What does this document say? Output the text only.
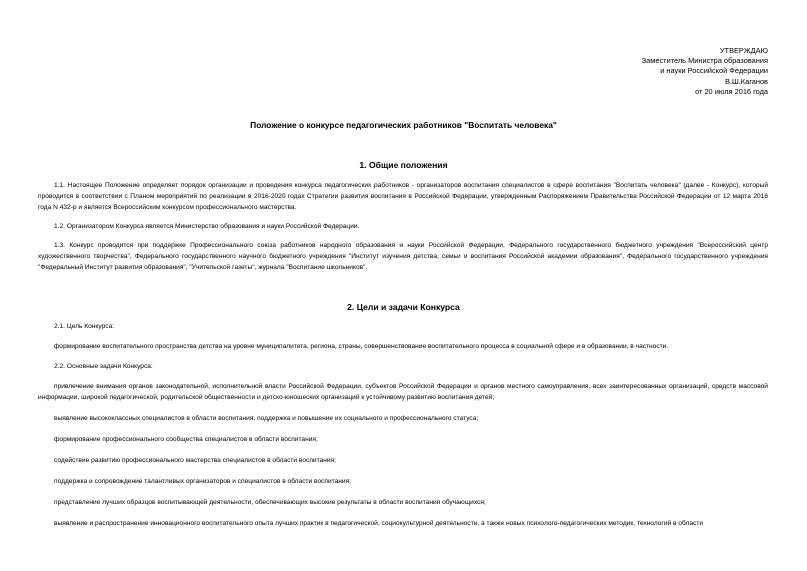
УТВЕРЖДАЮ
Заместитель Министра образования
и науки Российской Федерации
В.Ш.Каганов
от 20 июля 2016 года
Положение о конкурсе педагогических работников "Воспитать человека"
1. Общие положения
1.1. Настоящее Положение определяет порядок организации и проведения конкурса педагогических работников - организаторов воспитания специалистов в сфере воспитания "Воспитать человека" (далее - Конкурс), который проводится в соответствии с Планом мероприятий по реализации в 2016-2020 годах Стратегии развития воспитания в Российской Федерации, утвержденным Распоряжением Правительства Российской Федерации от 12 марта 2016 года N 432-р и является Всероссийским конкурсом профессионального мастерства.
1.2. Организатором Конкурса является Министерство образования и науки Российской Федерации.
1.3. Конкурс проводится при поддержке Профессионального союза работников народного образования и науки Российской Федерации, Федерального государственного бюджетного учреждения "Всероссийский центр художественного творчества", Федерального государственного научного бюджетного учреждения "Институт изучения детства, семьи и воспитания Российской академии образования", Федерального государственного учреждения "Федеральный Институт развития образования", "Учительской газеты", журнала "Воспитание школьников".
2. Цели и задачи Конкурса
2.1. Цель Конкурса:
формирование воспитательного пространства детства на уровне муниципалитета, региона, страны, совершенствование воспитательного процесса в социальной сфере и в образовании, в частности.
2.2. Основные задачи Конкурса:
привлечение внимания органов законодательной, исполнительной власти Российской Федерации, субъектов Российской Федерации и органов местного самоуправления, всех заинтересованных организаций, средств массовой информации, широкой педагогической, родительской общественности и детско-юношеских организаций к устойчивому развитию воспитания детей;
выявление высококлассных специалистов в области воспитания, поддержка и повышение их социального и профессионального статуса;
формирование профессионального сообщества специалистов в области воспитания;
содействие развитию профессионального мастерства специалистов в области воспитания;
поддержка и сопровождение талантливых организаторов и специалистов в области воспитания;
представление лучших образцов воспитывающей деятельности, обеспечивающих высокие результаты в области воспитания обучающихся;
выявление и распространение инновационного воспитательного опыта лучших практик в педагогической, социокультурной деятельности, а также новых психолого-педагогических методик, технологий в области
